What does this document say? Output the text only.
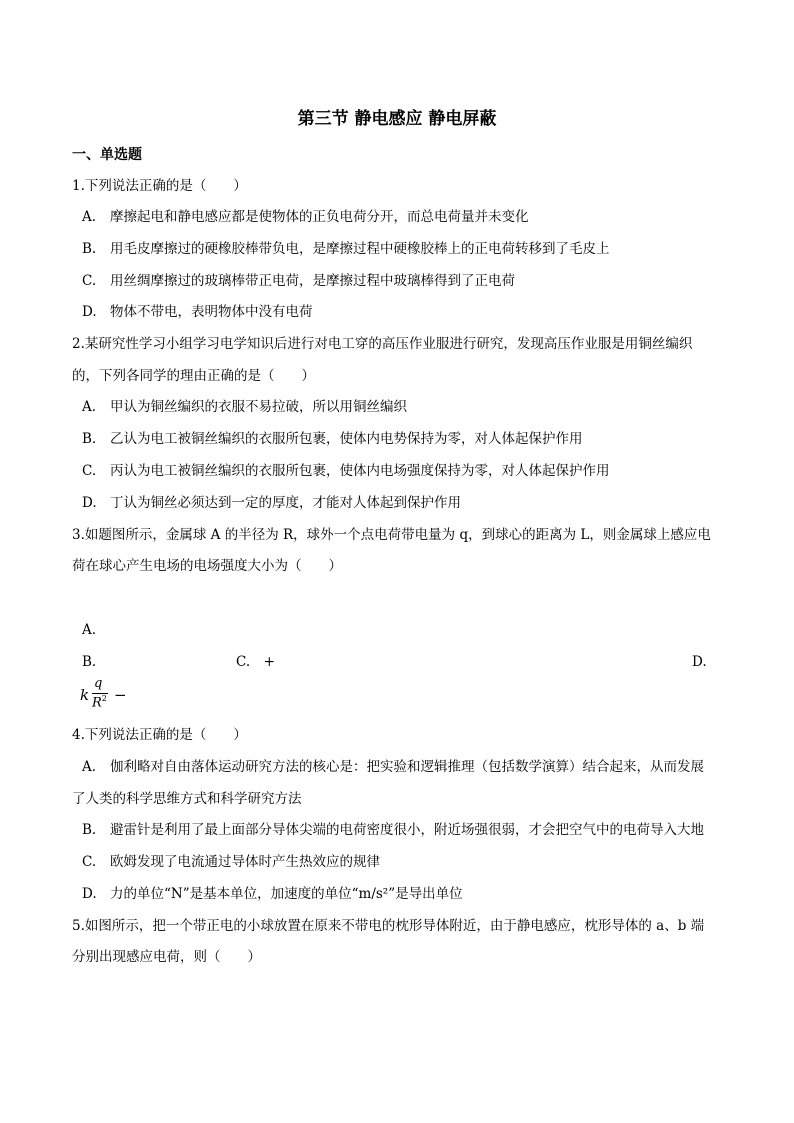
第三节 静电感应 静电屏蔽
一、单选题
1.下列说法正确的是（　　）
A. 摩擦起电和静电感应都是使物体的正负电荷分开，而总电荷量并未变化
B. 用毛皮摩擦过的硬橡胶棒带负电，是摩擦过程中硬橡胶棒上的正电荷转移到了毛皮上
C. 用丝绸摩擦过的玻璃棒带正电荷，是摩擦过程中玻璃棒得到了正电荷
D. 物体不带电，表明物体中没有电荷
2.某研究性学习小组学习电学知识后进行对电工穿的高压作业服进行研究，发现高压作业服是用铜丝编织
的，下列各同学的理由正确的是（　　）
A. 甲认为铜丝编织的衣服不易拉破，所以用铜丝编织
B. 乙认为电工被铜丝编织的衣服所包裹，使体内电势保持为零，对人体起保护作用
C. 丙认为电工被铜丝编织的衣服所包裹，使体内电场强度保持为零，对人体起保护作用
D. 丁认为铜丝必须达到一定的厚度，才能对人体起到保护作用
3.如题图所示，金属球 A 的半径为 R，球外一个点电荷带电量为 q，到球心的距离为 L，则金属球上感应电
荷在球心产生电场的电场强度大小为（　　）
A.
B.	C.　+	D.
k
q
$R^2$ −
4.下列说法正确的是（　　）
A. 伽利略对自由落体运动研究方法的核心是：把实验和逻辑推理（包括数学演算）结合起来，从而发展
了人类的科学思维方式和科学研究方法
B. 避雷针是利用了最上面部分导体尖端的电荷密度很小，附近场强很弱，才会把空气中的电荷导入大地
C. 欧姆发现了电流通过导体时产生热效应的规律
D. 力的单位“N”是基本单位，加速度的单位“m/s²”是导出单位
5.如图所示，把一个带正电的小球放置在原来不带电的枕形导体附近，由于静电感应，枕形导体的 a、b 端
分别出现感应电荷，则（　　）
